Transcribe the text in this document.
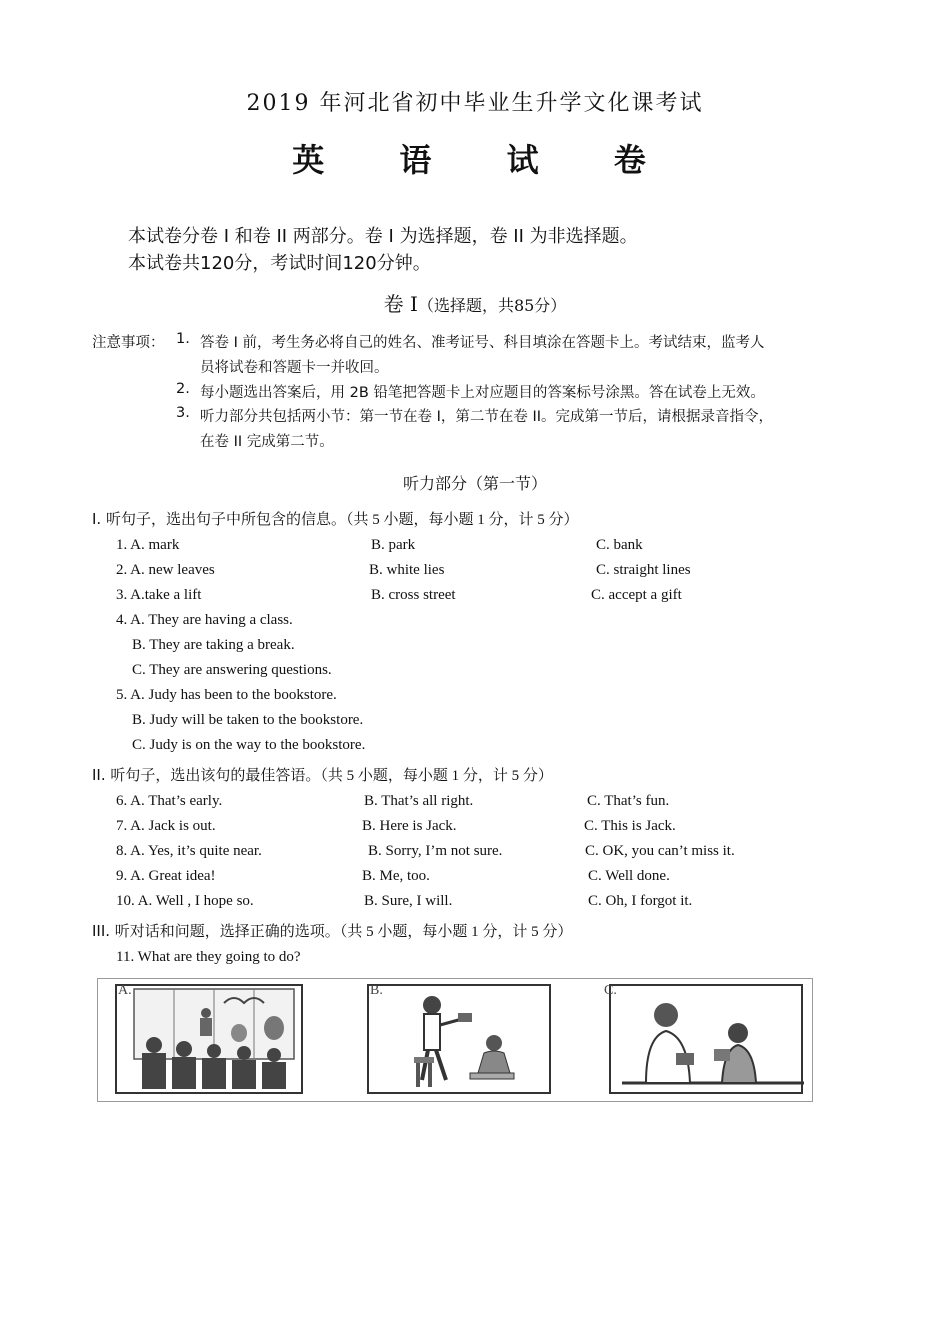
2019 年河北省初中毕业生升学文化课考试
英 语 试 卷
本试卷分卷 I 和卷 II 两部分。卷 I 为选择题，卷 II 为非选择题。
本试卷共120分，考试时间120分钟。
卷 I（选择题，共85分）
注意事项： 1. 答卷 I 前，考生务必将自己的姓名、准考证号、科目填涂在答题卡上。考试结束，监考人
员将试卷和答题卡一并收回。
2. 每小题选出答案后，用 2B 铅笔把答题卡上对应题目的答案标号涂黑。答在试卷上无效。
3. 听力部分共包括两小节：第一节在卷 I，第二节在卷 II。完成第一节后，请根据录音指令，
在卷 II 完成第二节。
听力部分（第一节）
I. 听句子，选出句子中所包含的信息。（共 5 小题，每小题 1 分，计 5 分）
1. A. mark	B. park	C. bank
2. A. new leaves	B. white lies	C. straight lines
3. A.take a lift	B. cross street	C. accept a gift
4. A. They are having a class.
B. They are taking a break.
C. They are answering questions.
5. A. Judy has been to the bookstore.
B. Judy will be taken to the bookstore.
C. Judy is on the way to the bookstore.
II. 听句子，选出该句的最佳答语。（共 5 小题，每小题 1 分，计 5 分）
6. A. That’s early.	B. That’s all right.	C. That’s fun.
7. A. Jack is out.	B. Here is Jack.	C. This is Jack.
8. A. Yes, it’s quite near.	B. Sorry, I’m not sure.	C. OK, you can’t miss it.
9. A. Great idea!	B. Me, too.	C. Well done.
10. A. Well , I hope so.	B. Sure, I will.	C. Oh, I forgot it.
III. 听对话和问题，选择正确的选项。（共 5 小题，每小题 1 分，计 5 分）
11. What are they going to do?
A.	B.	C.
